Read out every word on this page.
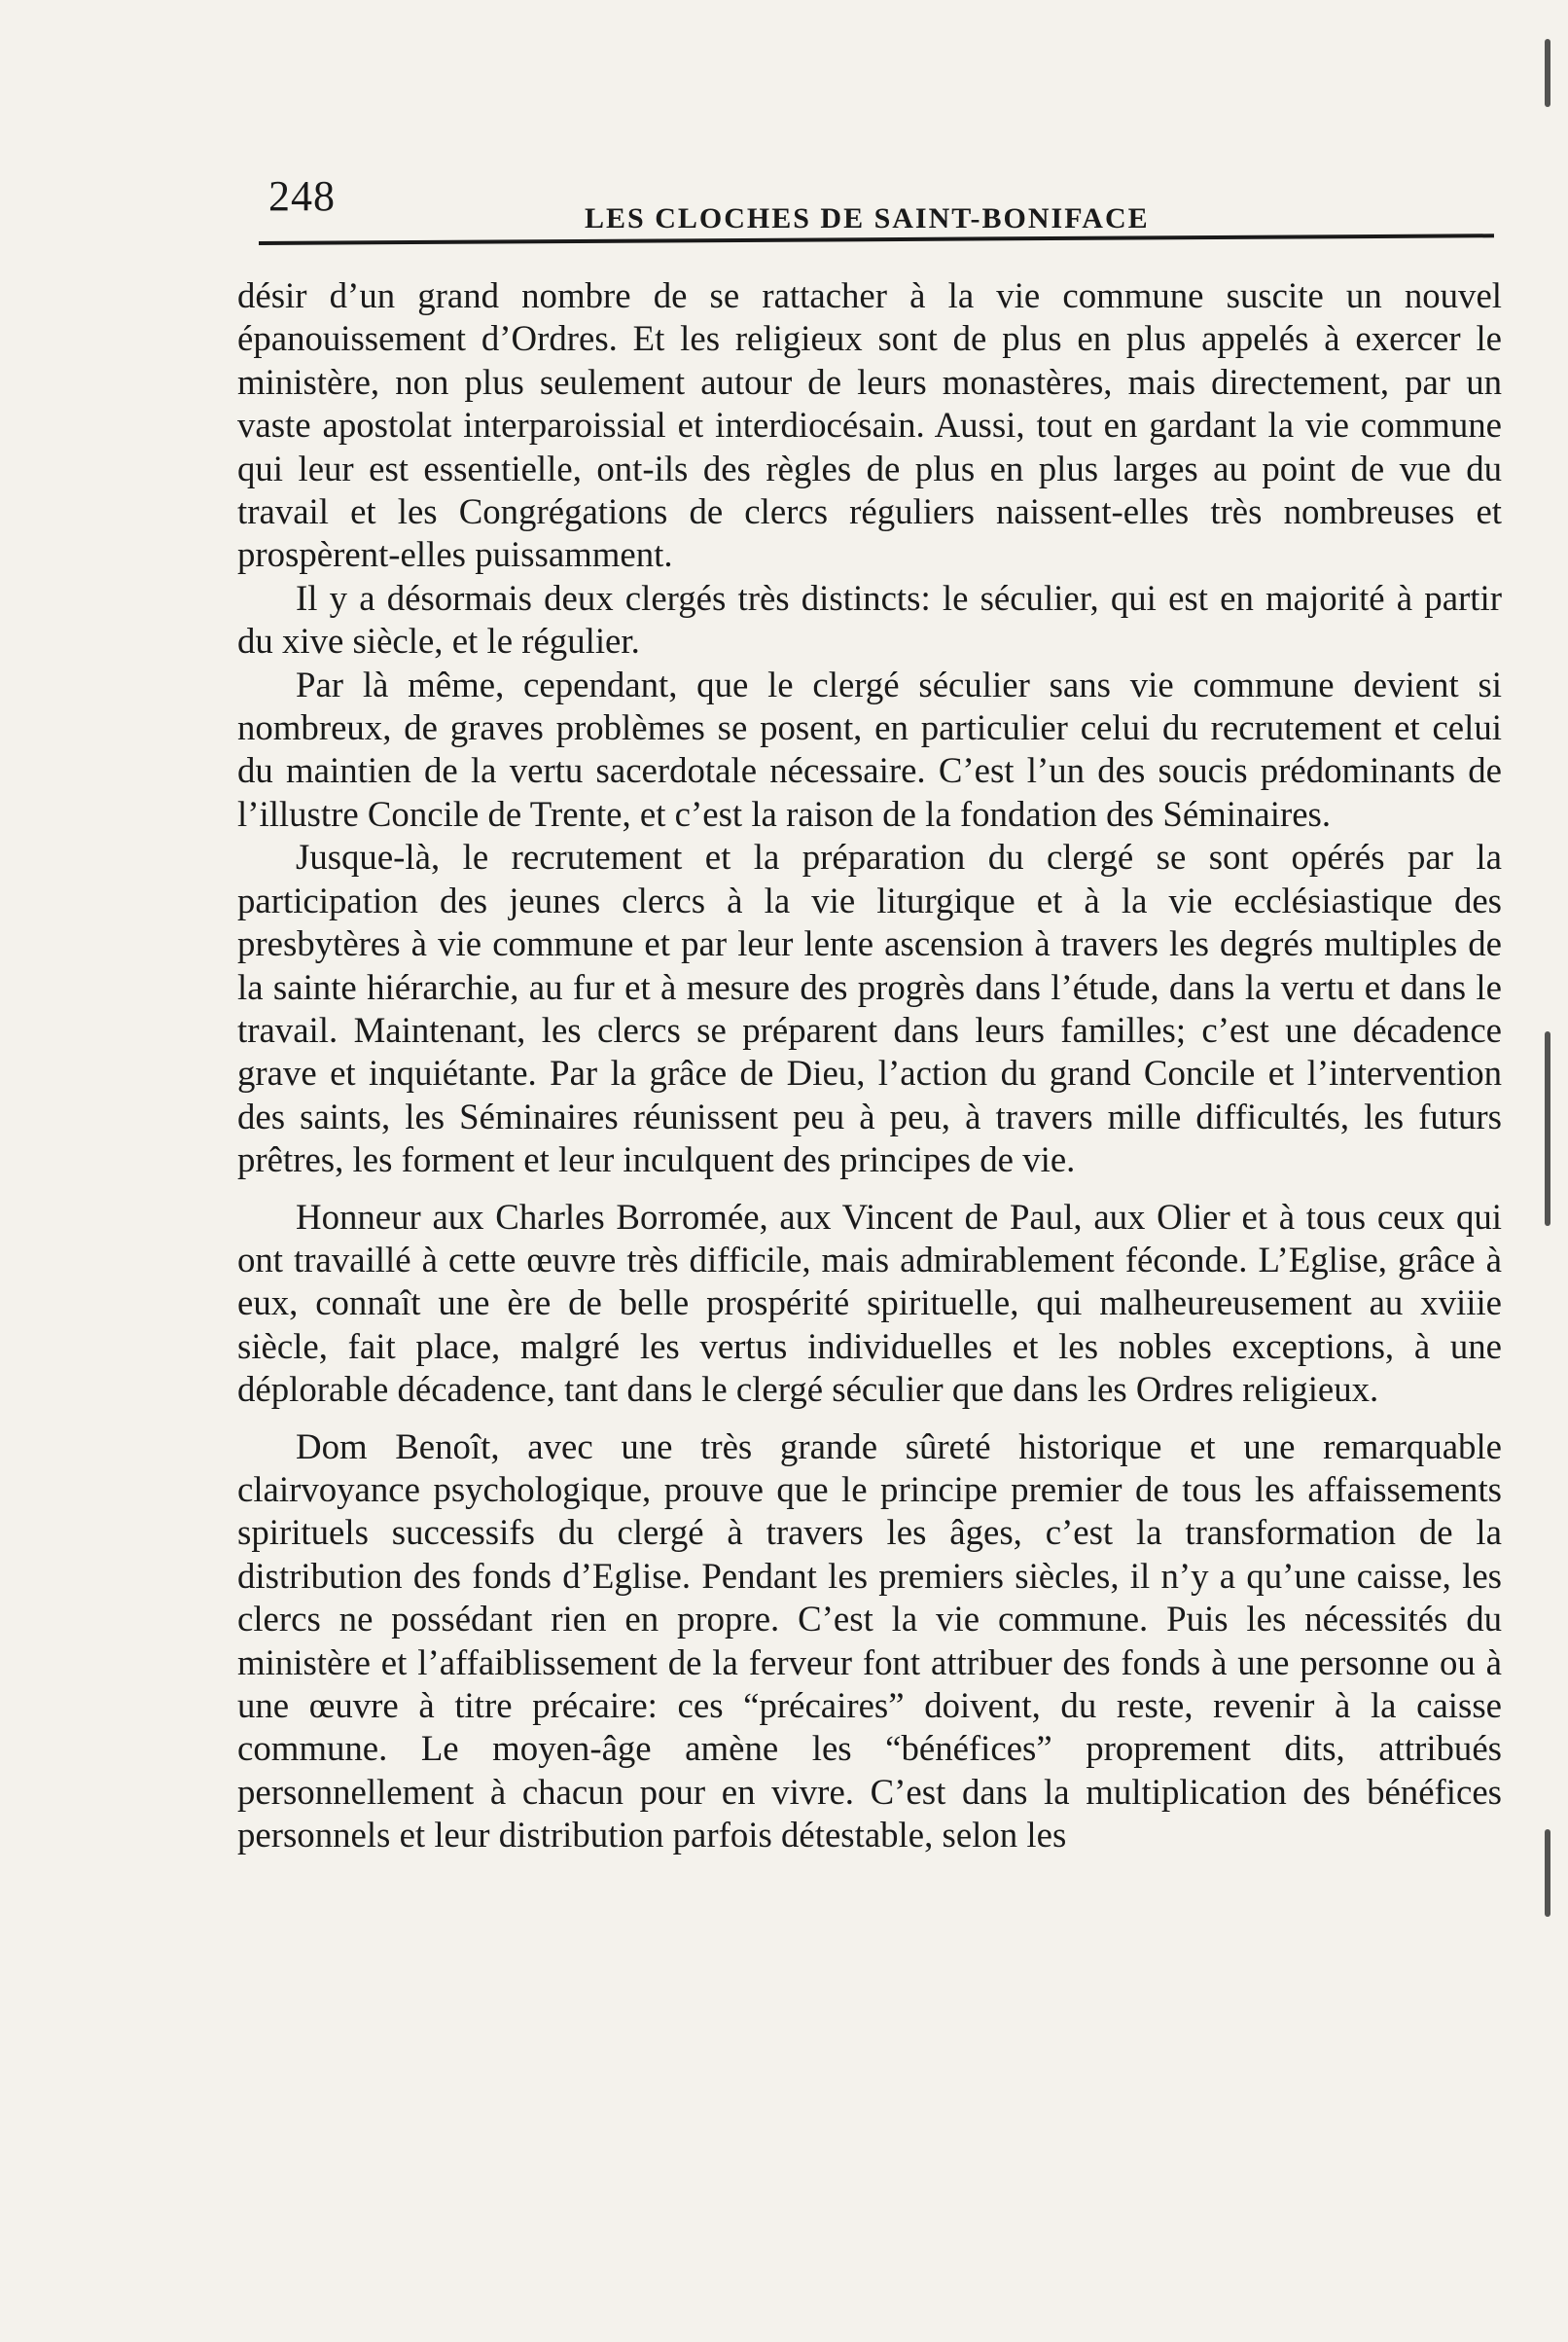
248	LES CLOCHES DE SAINT-BONIFACE

désir d’un grand nombre de se rattacher à la vie commune suscite un nouvel épanouissement d’Ordres. Et les religieux sont de plus en plus appelés à exercer le ministère, non plus seulement autour de leurs monastères, mais directement, par un vaste apostolat interparoissial et interdiocésain. Aussi, tout en gardant la vie commune qui leur est essentielle, ont-ils des règles de plus en plus larges au point de vue du travail et les Congrégations de clercs réguliers naissent-elles très nombreuses et prospèrent-elles puissamment.

Il y a désormais deux clergés très distincts: le séculier, qui est en majorité à partir du xive siècle, et le régulier.

Par là même, cependant, que le clergé séculier sans vie commune devient si nombreux, de graves problèmes se posent, en particulier celui du recrutement et celui du maintien de la vertu sacerdotale nécessaire. C’est l’un des soucis prédominants de l’illustre Concile de Trente, et c’est la raison de la fondation des Séminaires.

Jusque-là, le recrutement et la préparation du clergé se sont opérés par la participation des jeunes clercs à la vie liturgique et à la vie ecclésiastique des presbytères à vie commune et par leur lente ascension à travers les degrés multiples de la sainte hiérarchie, au fur et à mesure des progrès dans l’étude, dans la vertu et dans le travail. Maintenant, les clercs se préparent dans leurs familles; c’est une décadence grave et inquiétante. Par la grâce de Dieu, l’action du grand Concile et l’intervention des saints, les Séminaires réunissent peu à peu, à travers mille difficultés, les futurs prêtres, les forment et leur inculquent des principes de vie.

Honneur aux Charles Borromée, aux Vincent de Paul, aux Olier et à tous ceux qui ont travaillé à cette œuvre très difficile, mais admirablement féconde. L’Eglise, grâce à eux, connaît une ère de belle prospérité spirituelle, qui malheureusement au xviiie siècle, fait place, malgré les vertus individuelles et les nobles exceptions, à une déplorable décadence, tant dans le clergé séculier que dans les Ordres religieux.

Dom Benoît, avec une très grande sûreté historique et une remarquable clairvoyance psychologique, prouve que le principe premier de tous les affaissements spirituels successifs du clergé à travers les âges, c’est la transformation de la distribution des fonds d’Eglise. Pendant les premiers siècles, il n’y a qu’une caisse, les clercs ne possédant rien en propre. C’est la vie commune. Puis les nécessités du ministère et l’affaiblissement de la ferveur font attribuer des fonds à une personne ou à une œuvre à titre précaire: ces “précaires” doivent, du reste, revenir à la caisse commune. Le moyen-âge amène les “bénéfices” proprement dits, attribués personnellement à chacun pour en vivre. C’est dans la multiplication des bénéfices personnels et leur distribution parfois détestable, selon les
